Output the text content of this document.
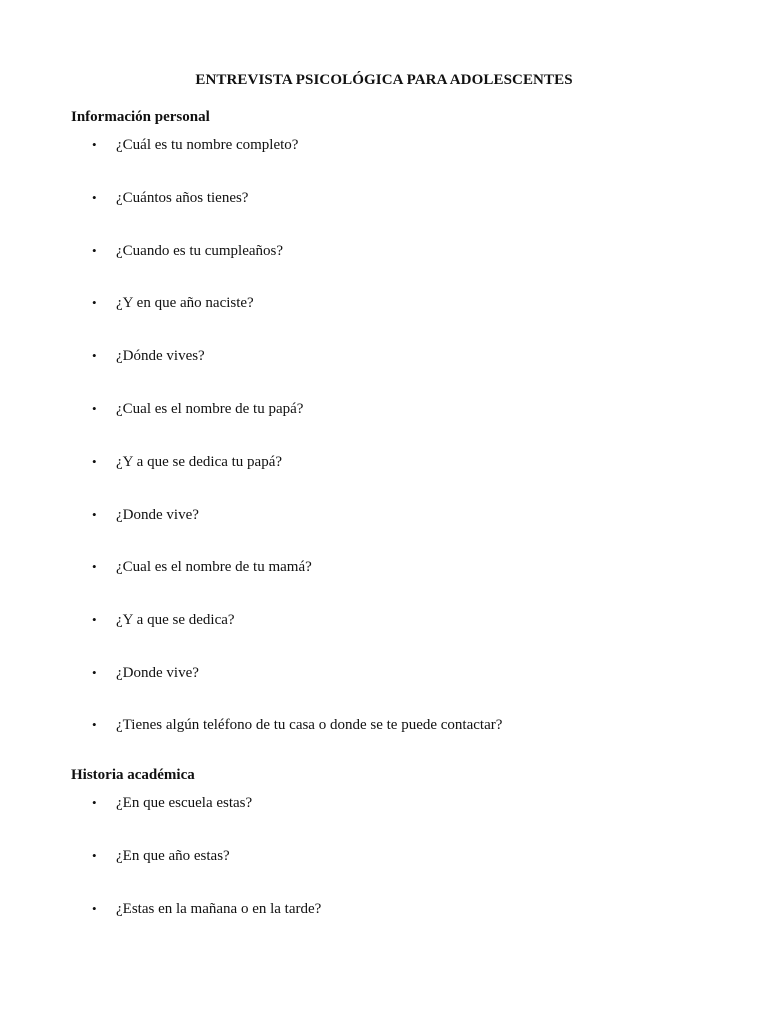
ENTREVISTA PSICOLÓGICA PARA ADOLESCENTES
Información personal
• ¿Cuál es tu nombre completo?
• ¿Cuántos años tienes?
• ¿Cuando es tu cumpleaños?
• ¿Y en que año naciste?
• ¿Dónde vives?
• ¿Cual es el nombre de tu papá?
• ¿Y a que se dedica tu papá?
• ¿Donde vive?
• ¿Cual es el nombre de tu mamá?
• ¿Y a que se dedica?
• ¿Donde vive?
• ¿Tienes algún teléfono de tu casa o donde se te puede contactar?
Historia académica
• ¿En que escuela estas?
• ¿En que año estas?
• ¿Estas en la mañana o en la tarde?
